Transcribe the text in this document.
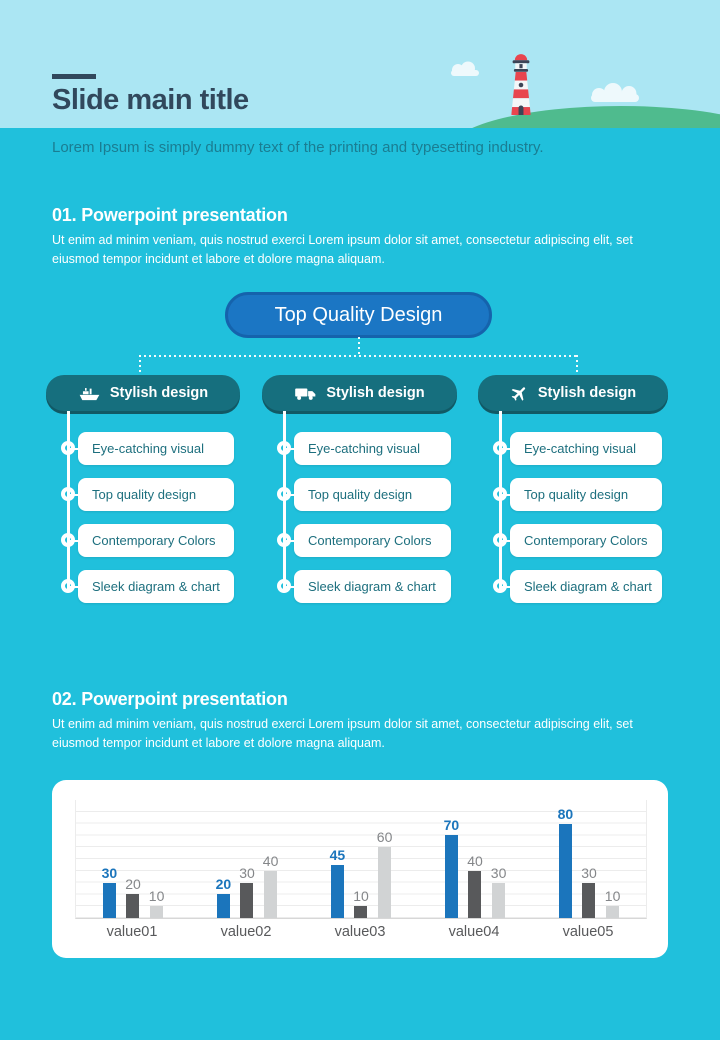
Slide main title
Lorem Ipsum is simply dummy text of the printing and typesetting industry.
01. Powerpoint presentation
Ut enim ad minim veniam, quis nostrud exerci Lorem ipsum dolor sit amet, consectetur adipiscing elit, set eiusmod tempor incidunt et labore et dolore magna aliquam.
Top Quality Design
Stylish design
Eye-catching visual
Top quality design
Contemporary Colors
Sleek diagram & chart
Stylish design
Eye-catching visual
Top quality design
Contemporary Colors
Sleek diagram & chart
Stylish design
Eye-catching visual
Top quality design
Contemporary Colors
Sleek diagram & chart
02. Powerpoint presentation
Ut enim ad minim veniam, quis nostrud exerci Lorem ipsum dolor sit amet, consectetur adipiscing elit, set eiusmod tempor incidunt et labore et dolore magna aliquam.
30
20
10
20
30
40	45
10
60
70
40
30
80
30
10
value01	value02	value03	value04	value05
